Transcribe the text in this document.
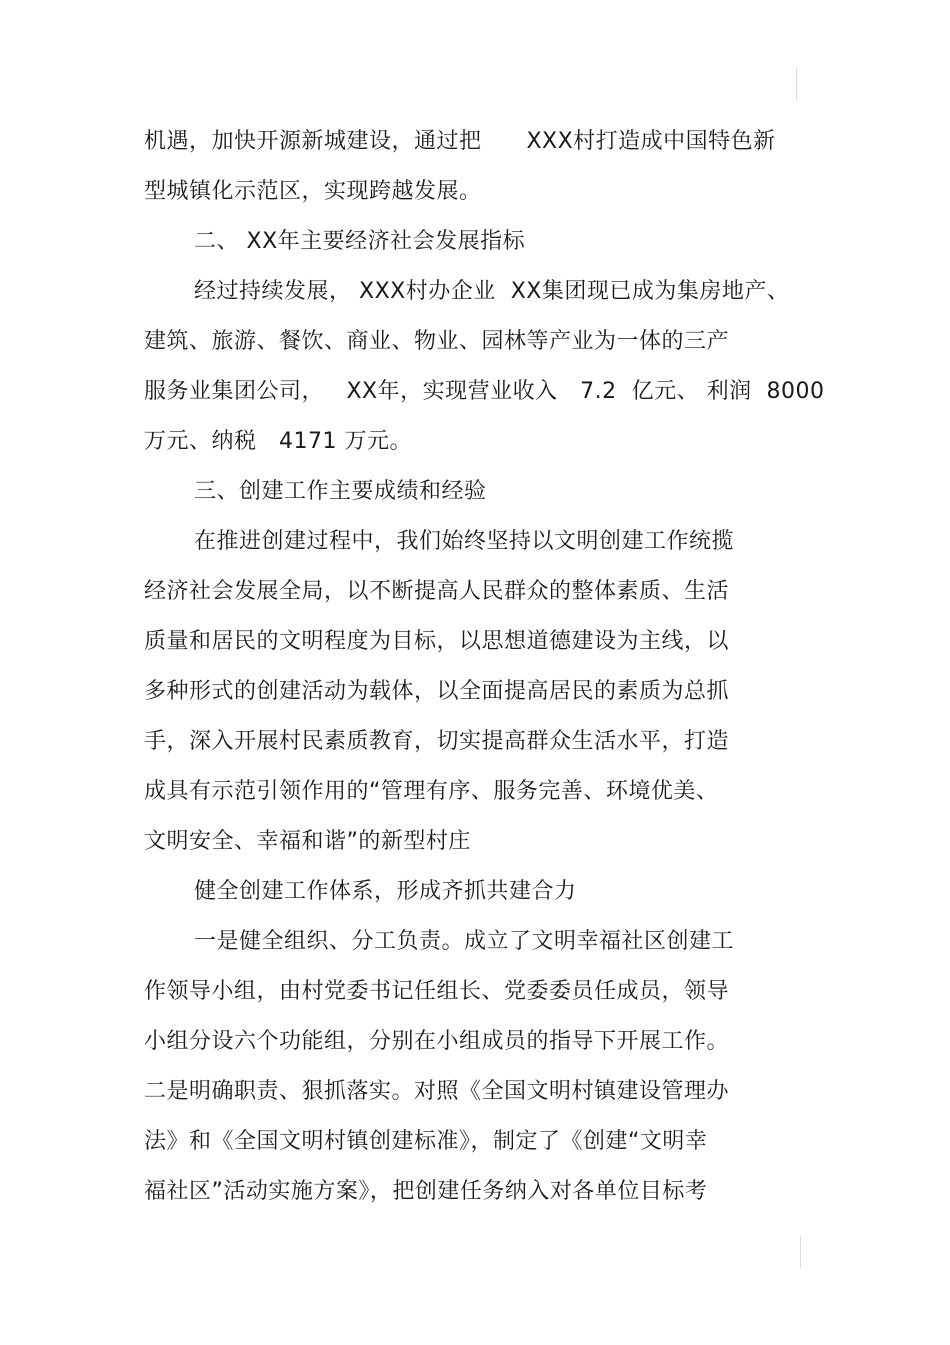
机遇，加快开源新城建设，通过把      XXX村打造成中国特色新
型城镇化示范区，实现跨越发展。
二、 XX年主要经济社会发展指标
经过持续发展， XXX村办企业  XX集团现已成为集房地产、
建筑、旅游、餐饮、商业、物业、园林等产业为一体的三产
服务业集团公司，   XX年，实现营业收入   7.2  亿元、 利润  8000
万元、纳税   4171 万元。
三、创建工作主要成绩和经验
在推进创建过程中，我们始终坚持以文明创建工作统揽
经济社会发展全局，以不断提高人民群众的整体素质、生活
质量和居民的文明程度为目标，以思想道德建设为主线，以
多种形式的创建活动为载体，以全面提高居民的素质为总抓
手，深入开展村民素质教育，切实提高群众生活水平，打造
成具有示范引领作用的“管理有序、服务完善、环境优美、
文明安全、幸福和谐”的新型村庄
健全创建工作体系，形成齐抓共建合力
一是健全组织、分工负责。成立了文明幸福社区创建工
作领导小组，由村党委书记任组长、党委委员任成员，领导
小组分设六个功能组，分别在小组成员的指导下开展工作。
二是明确职责、狠抓落实。对照《全国文明村镇建设管理办
法》和《全国文明村镇创建标准》，制定了《创建“文明幸
福社区”活动实施方案》，把创建任务纳入对各单位目标考
